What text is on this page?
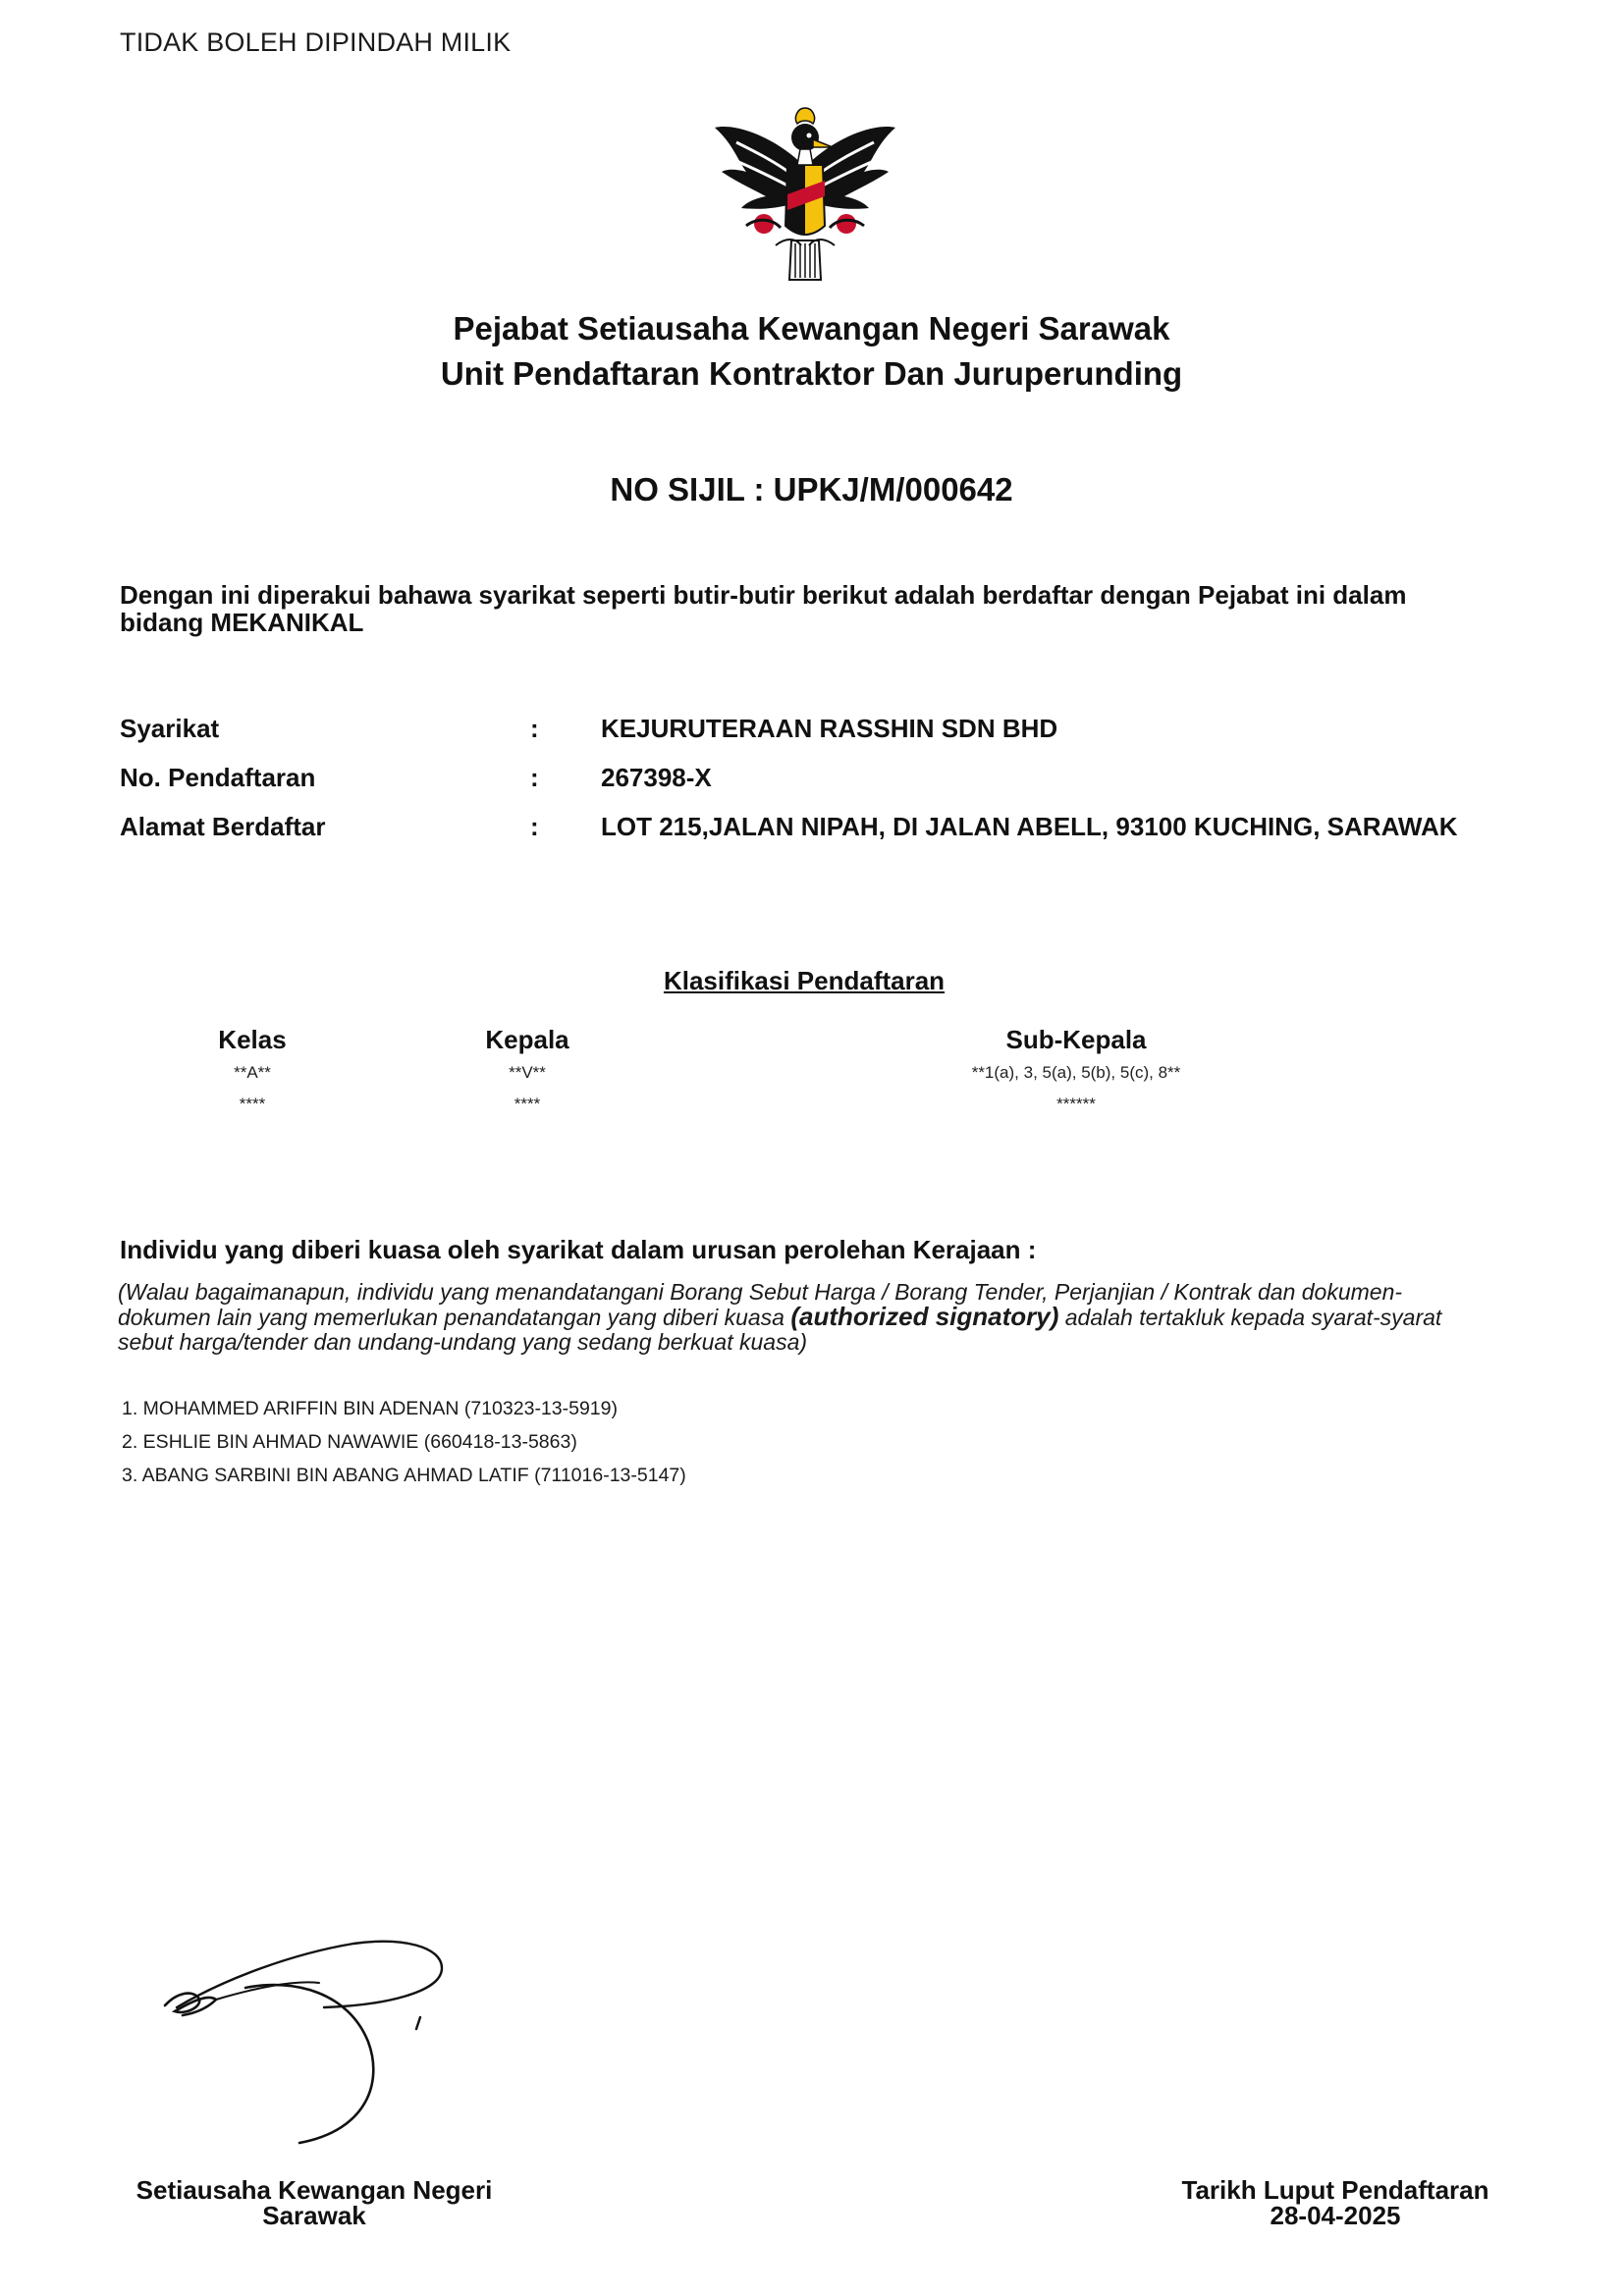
TIDAK BOLEH DIPINDAH MILIK
Pejabat Setiausaha Kewangan Negeri Sarawak
Unit Pendaftaran Kontraktor Dan Juruperunding
NO SIJIL : UPKJ/M/000642
Dengan ini diperakui bahawa syarikat seperti butir-butir berikut adalah berdaftar dengan Pejabat ini dalam bidang MEKANIKAL
Syarikat	: KEJURUTERAAN RASSHIN SDN BHD
No. Pendaftaran	: 267398-X
Alamat Berdaftar	: LOT 215,JALAN NIPAH, DI JALAN ABELL, 93100 KUCHING, SARAWAK
Klasifikasi Pendaftaran
Kelas	Kepala	Sub-Kepala
**A**	**V**	**1(a), 3, 5(a), 5(b), 5(c), 8**
****	****	******
Individu yang diberi kuasa oleh syarikat dalam urusan perolehan Kerajaan :
(Walau bagaimanapun, individu yang menandatangani Borang Sebut Harga / Borang Tender, Perjanjian / Kontrak dan dokumen-dokumen lain yang memerlukan penandatangan yang diberi kuasa (authorized signatory) adalah tertakluk kepada syarat-syarat sebut harga/tender dan undang-undang yang sedang berkuat kuasa)
1. MOHAMMED ARIFFIN BIN ADENAN (710323-13-5919)
2. ESHLIE BIN AHMAD NAWAWIE (660418-13-5863)
3. ABANG SARBINI BIN ABANG AHMAD LATIF (711016-13-5147)
Setiausaha Kewangan Negeri
Sarawak
Tarikh Luput Pendaftaran
28-04-2025
